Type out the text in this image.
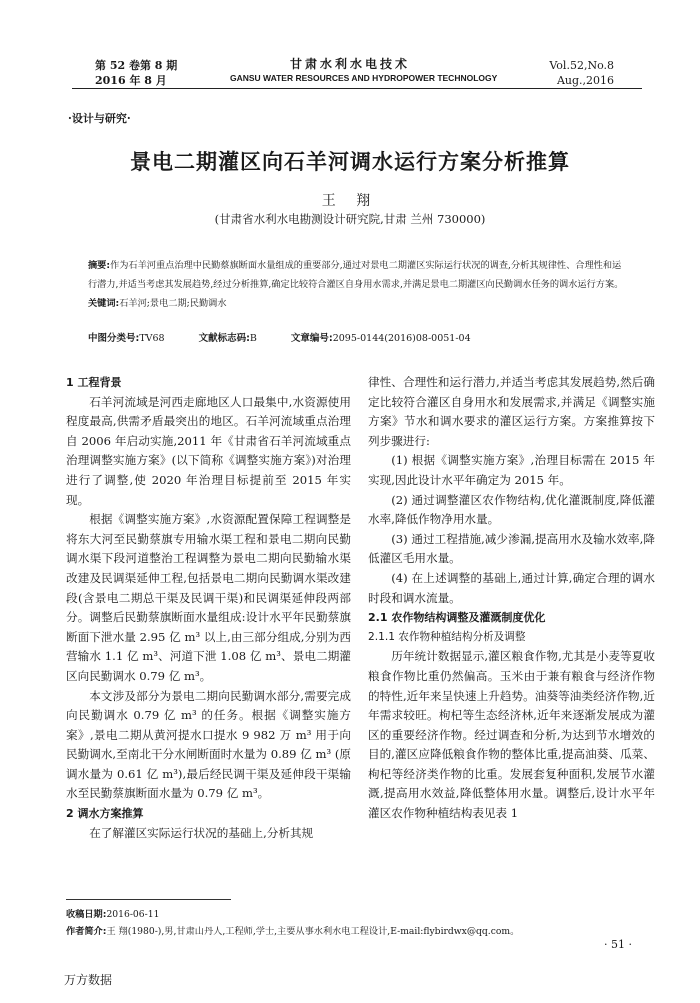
第 52 卷第 8 期
2016 年 8 月
甘肃水利水电技术
GANSU WATER RESOURCES AND HYDROPOWER TECHNOLOGY
Vol.52,No.8
Aug.,2016
·设计与研究·
景电二期灌区向石羊河调水运行方案分析推算
王 翔
(甘肃省水利水电勘测设计研究院,甘肃 兰州 730000)
摘要:作为石羊河重点治理中民勤蔡旗断面水量组成的重要部分,通过对景电二期灌区实际运行状况的调查,分析其规律性、合理性和运行潜力,并适当考虑其发展趋势,经过分析推算,确定比较符合灌区自身用水需求,并满足景电二期灌区向民勤调水任务的调水运行方案。
关键词:石羊河;景电二期;民勤调水
中图分类号:TV68	文献标志码:B	文章编号:2095-0144(2016)08-0051-04

1 工程背景

石羊河流域是河西走廊地区人口最集中,水资源使用程度最高,供需矛盾最突出的地区。石羊河流域重点治理自 2006 年启动实施,2011 年《甘肃省石羊河流域重点治理调整实施方案》(以下简称《调整实施方案》)对治理进行了调整,使 2020 年治理目标提前至 2015 年实现。

根据《调整实施方案》,水资源配置保障工程调整是将东大河至民勤蔡旗专用输水渠工程和景电二期向民勤调水渠下段河道整治工程调整为景电二期向民勤输水渠改建及民调渠延伸工程,包括景电二期向民勤调水渠改建段(含景电二期总干渠及民调干渠)和民调渠延伸段两部分。调整后民勤蔡旗断面水量组成:设计水平年民勤蔡旗断面下泄水量 2.95 亿 m³ 以上,由三部分组成,分别为西营输水 1.1 亿 m³、河道下泄 1.08 亿 m³、景电二期灌区向民勤调水 0.79 亿 m³。

本文涉及部分为景电二期向民勤调水部分,需要完成向民勤调水 0.79 亿 m³ 的任务。根据《调整实施方案》,景电二期从黄河提水口提水 9 982 万 m³ 用于向民勤调水,至南北干分水闸断面时水量为 0.89 亿 m³ (原调水量为 0.61 亿 m³),最后经民调干渠及延伸段干渠输水至民勤蔡旗断面水量为 0.79 亿 m³。

2 调水方案推算

在了解灌区实际运行状况的基础上,分析其规

律性、合理性和运行潜力,并适当考虑其发展趋势,然后确定比较符合灌区自身用水和发展需求,并满足《调整实施方案》节水和调水要求的灌区运行方案。方案推算按下列步骤进行:

(1) 根据《调整实施方案》,治理目标需在 2015 年实现,因此设计水平年确定为 2015 年。

(2) 通过调整灌区农作物结构,优化灌溉制度,降低灌水率,降低作物净用水量。

(3) 通过工程措施,减少渗漏,提高用水及输水效率,降低灌区毛用水量。

(4) 在上述调整的基础上,通过计算,确定合理的调水时段和调水流量。

2.1 农作物结构调整及灌溉制度优化

2.1.1 农作物种植结构分析及调整

历年统计数据显示,灌区粮食作物,尤其是小麦等夏收粮食作物比重仍然偏高。玉米由于兼有粮食与经济作物的特性,近年来呈快速上升趋势。油葵等油类经济作物,近年需求较旺。枸杞等生态经济林,近年来逐渐发展成为灌区的重要经济作物。经过调查和分析,为达到节水增效的目的,灌区应降低粮食作物的整体比重,提高油葵、瓜菜、枸杞等经济类作物的比重。发展套复种面积,发展节水灌溉,提高用水效益,降低整体用水量。调整后,设计水平年灌区农作物种植结构表见表 1

收稿日期:2016-06-11
作者简介:王 翔(1980-),男,甘肃山丹人,工程师,学士,主要从事水利水电工程设计,E-mail:flybirdwx@qq.com。
· 51 ·
万方数据
